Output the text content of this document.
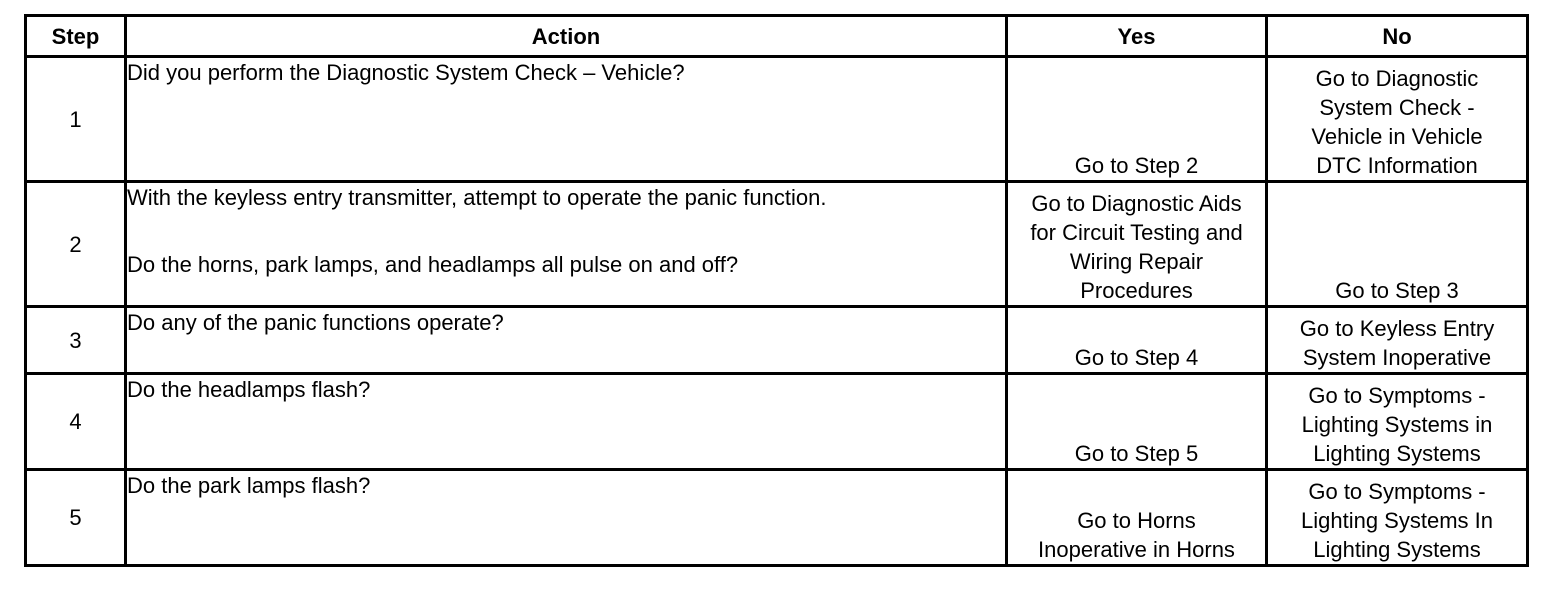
Step	Action	Yes	No
1	Did you perform the Diagnostic System Check – Vehicle?	Go to Step 2	Go to Diagnostic
System Check -
Vehicle in Vehicle
DTC Information

2	With the keyless entry transmitter, attempt to operate the panic function.
Do the horns, park lamps, and headlamps all pulse on and off?	Go to Diagnostic Aids
for Circuit Testing and
Wiring Repair
Procedures	Go to Step 3

3	Do any of the panic functions operate?	Go to Step 4	Go to Keyless Entry
System Inoperative

4	Do the headlamps flash?	Go to Step 5	Go to Symptoms -
Lighting Systems in
Lighting Systems

5	Do the park lamps flash?	Go to Horns
Inoperative in Horns	Go to Symptoms -
Lighting Systems In
Lighting Systems
